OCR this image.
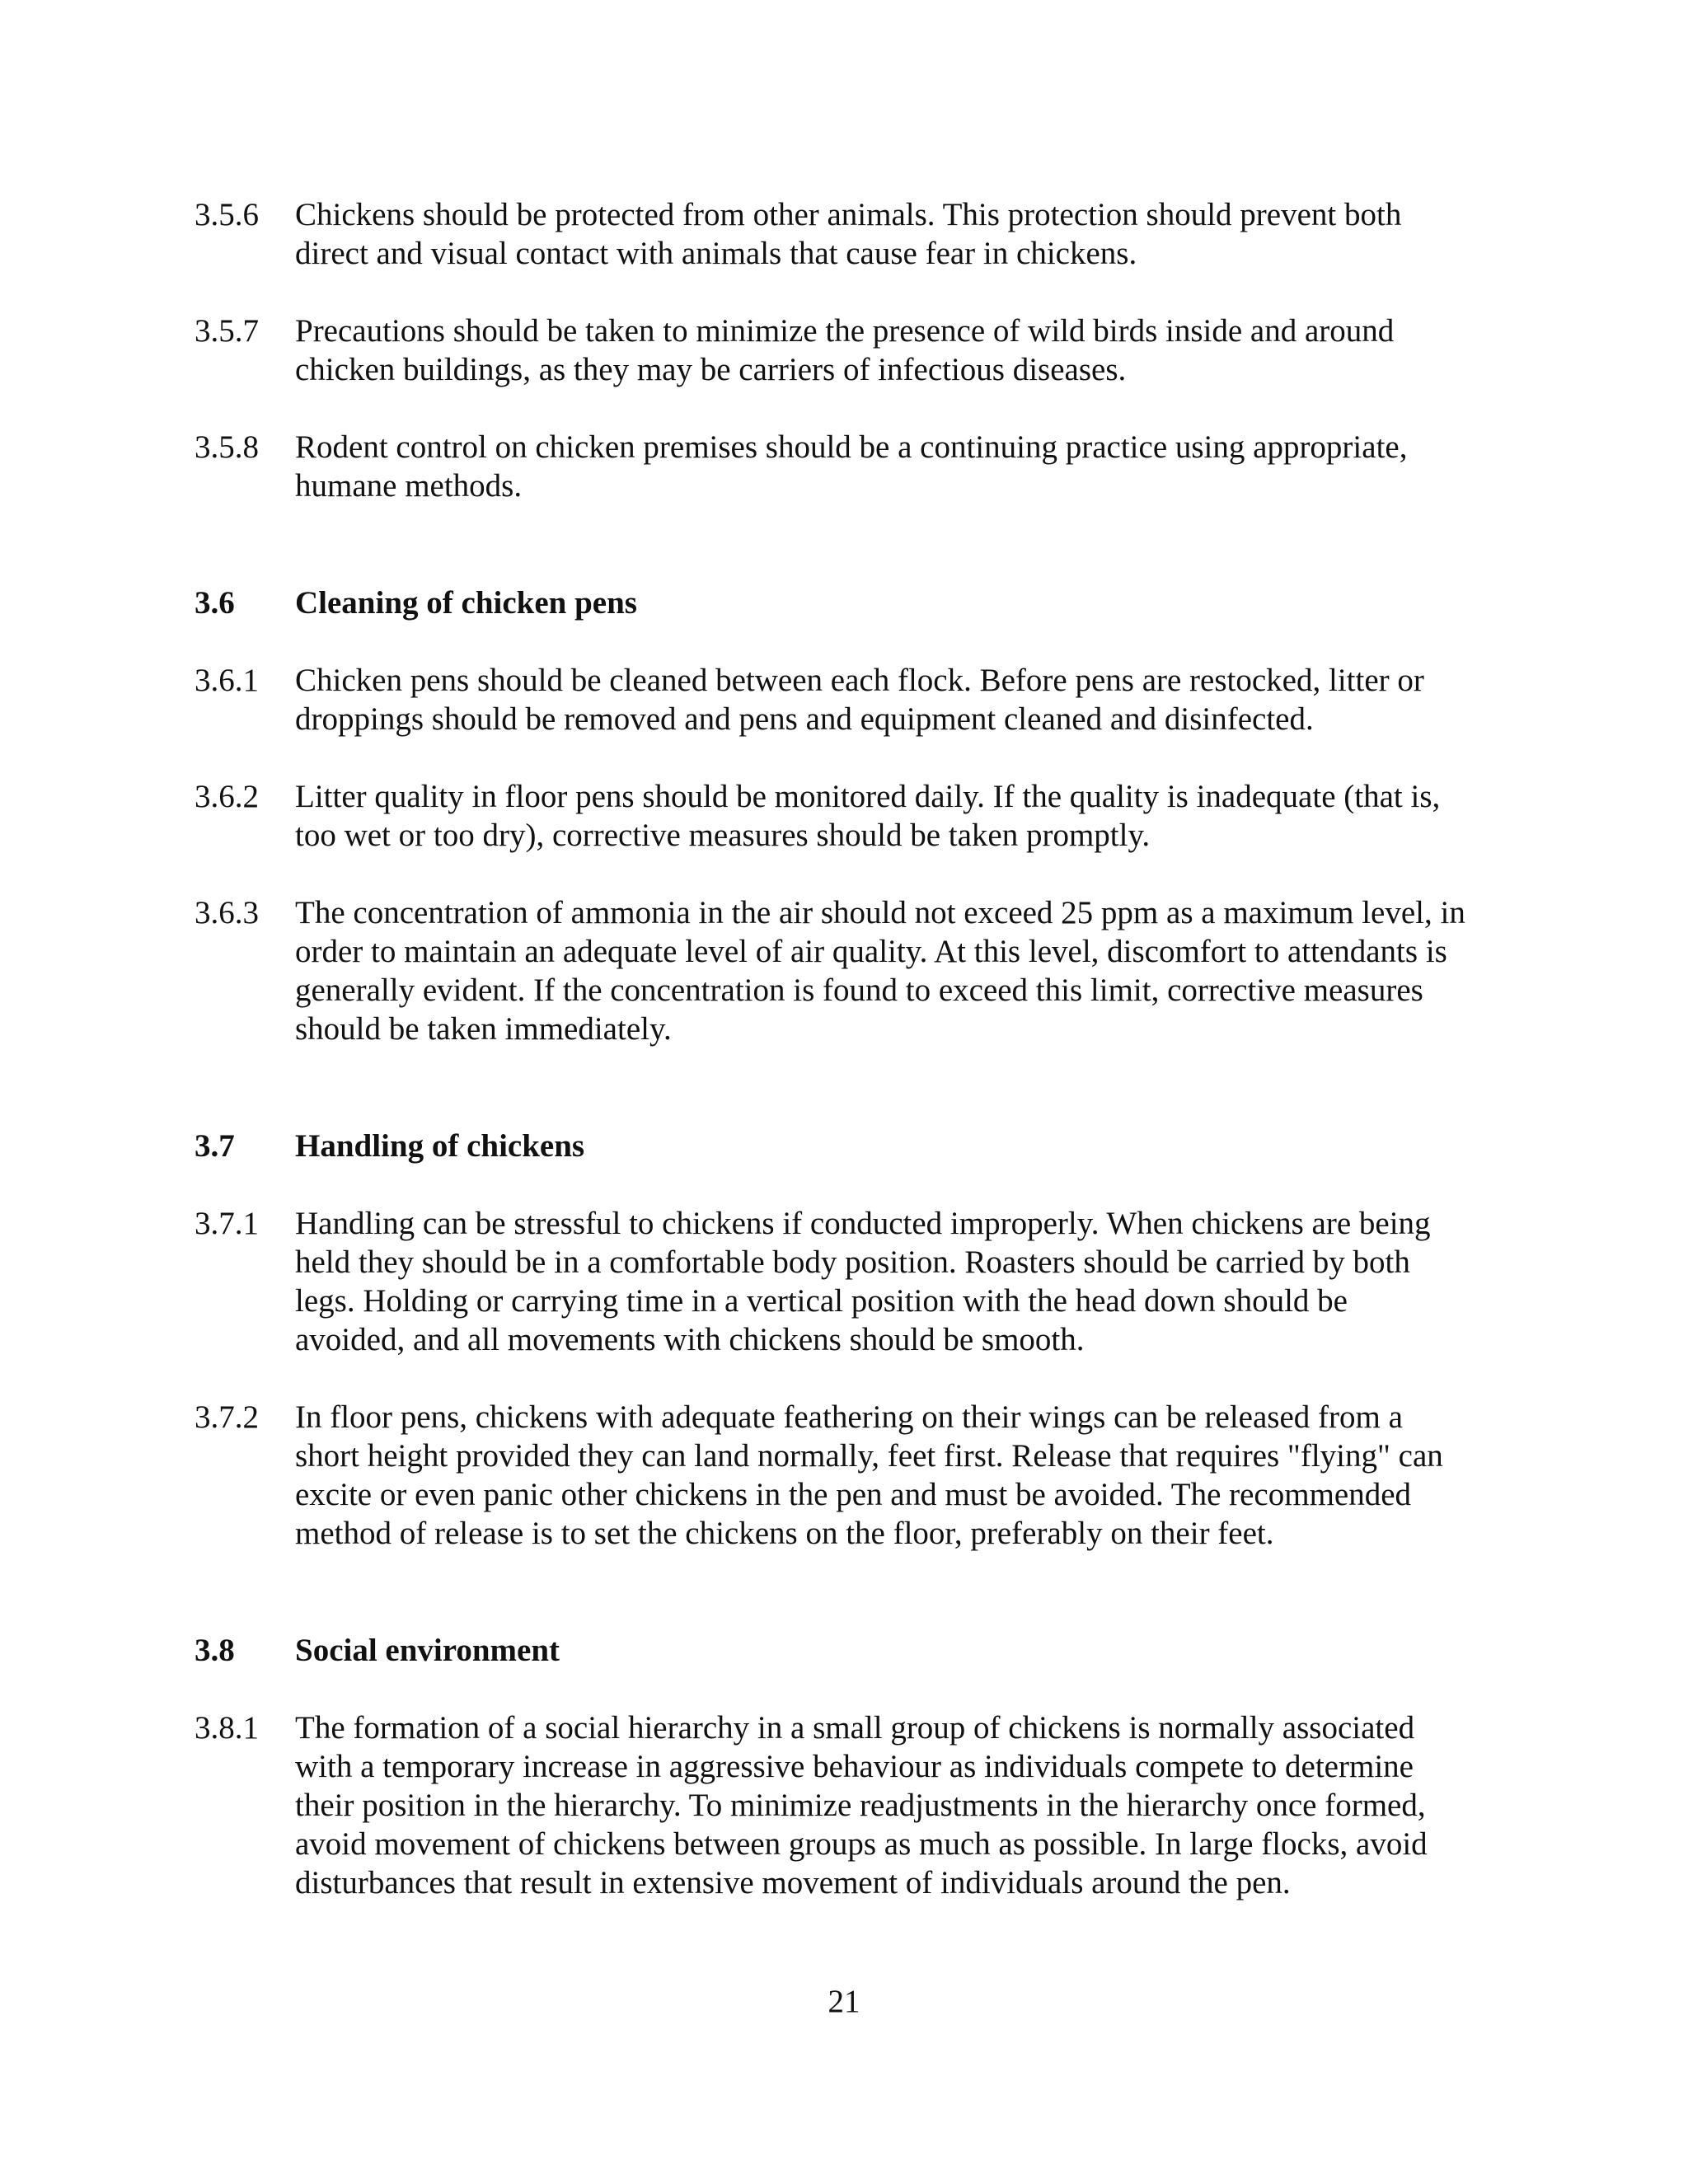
3.5.6 Chickens should be protected from other animals. This protection should prevent both
direct and visual contact with animals that cause fear in chickens.
3.5.7 Precautions should be taken to minimize the presence of wild birds inside and around
chicken buildings, as they may be carriers of infectious diseases.
3.5.8 Rodent control on chicken premises should be a continuing practice using appropriate,
humane methods.
3.6 Cleaning of chicken pens
3.6.1 Chicken pens should be cleaned between each flock. Before pens are restocked, litter or
droppings should be removed and pens and equipment cleaned and disinfected.
3.6.2 Litter quality in floor pens should be monitored daily. If the quality is inadequate (that is,
too wet or too dry), corrective measures should be taken promptly.
3.6.3 The concentration of ammonia in the air should not exceed 25 ppm as a maximum level, in
order to maintain an adequate level of air quality. At this level, discomfort to attendants is
generally evident. If the concentration is found to exceed this limit, corrective measures
should be taken immediately.
3.7 Handling of chickens
3.7.1 Handling can be stressful to chickens if conducted improperly. When chickens are being
held they should be in a comfortable body position. Roasters should be carried by both
legs. Holding or carrying time in a vertical position with the head down should be
avoided, and all movements with chickens should be smooth.
3.7.2 In floor pens, chickens with adequate feathering on their wings can be released from a
short height provided they can land normally, feet first. Release that requires "flying" can
excite or even panic other chickens in the pen and must be avoided. The recommended
method of release is to set the chickens on the floor, preferably on their feet.
3.8 Social environment
3.8.1 The formation of a social hierarchy in a small group of chickens is normally associated
with a temporary increase in aggressive behaviour as individuals compete to determine
their position in the hierarchy. To minimize readjustments in the hierarchy once formed,
avoid movement of chickens between groups as much as possible. In large flocks, avoid
disturbances that result in extensive movement of individuals around the pen.
21
